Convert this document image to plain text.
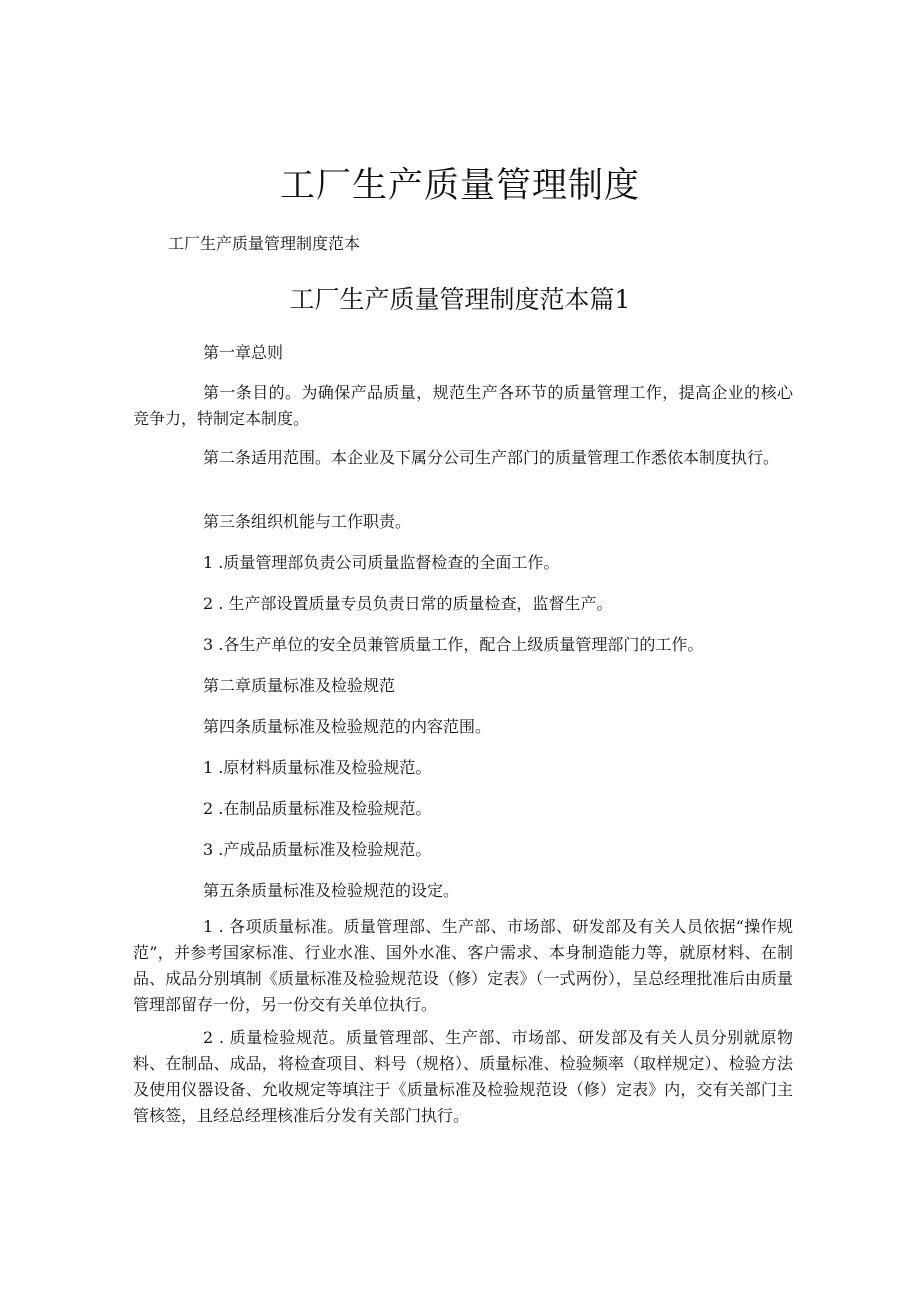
工厂生产质量管理制度

工厂生产质量管理制度范本

工厂生产质量管理制度范本篇1

第一章总则

第一条目的。为确保产品质量，规范生产各环节的质量管理工作，提高企业的核心竞争力，特制定本制度。

第二条适用范围。本企业及下属分公司生产部门的质量管理工作悉依本制度执行。

第三条组织机能与工作职责。

1 .质量管理部负责公司质量监督检查的全面工作。

2 . 生产部设置质量专员负责日常的质量检查，监督生产。

3 .各生产单位的安全员兼管质量工作，配合上级质量管理部门的工作。

第二章质量标准及检验规范

第四条质量标准及检验规范的内容范围。

1 .原材料质量标准及检验规范。

2 .在制品质量标准及检验规范。

3 .产成品质量标准及检验规范。

第五条质量标准及检验规范的设定。

1 . 各项质量标准。质量管理部、生产部、市场部、研发部及有关人员依据“操作规范”，并参考国家标准、行业水准、国外水准、客户需求、本身制造能力等，就原材料、在制品、成品分别填制《质量标准及检验规范设（修）定表》（一式两份），呈总经理批准后由质量管理部留存一份，另一份交有关单位执行。

2 . 质量检验规范。质量管理部、生产部、市场部、研发部及有关人员分别就原物料、在制品、成品，将检查项目、料号（规格）、质量标准、检验频率（取样规定）、检验方法及使用仪器设备、允收规定等填注于《质量标准及检验规范设（修）定表》内，交有关部门主管核签，且经总经理核准后分发有关部门执行。
